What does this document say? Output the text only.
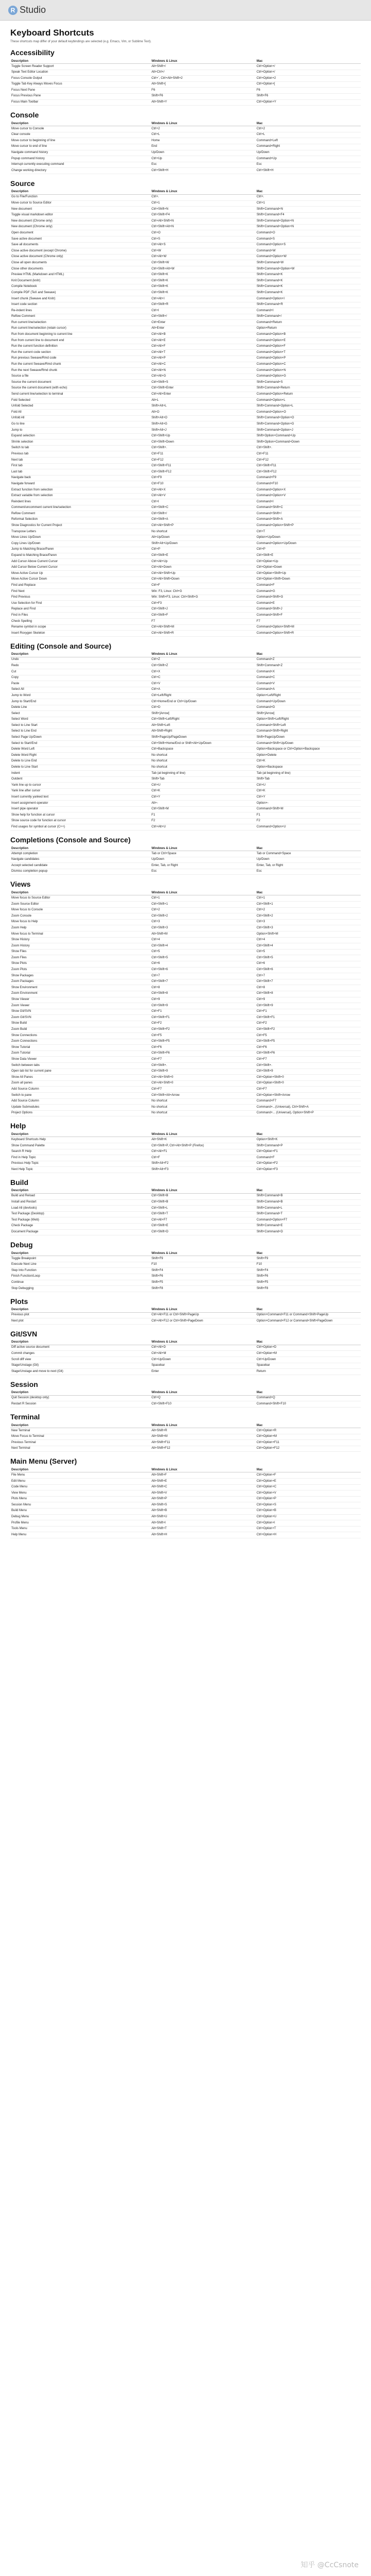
R Studio
Keyboard Shortcuts

These shortcuts map differ of your default keybindings are selected (e.g. Emacs, Vim, or Sublime Text).

Accessibility
Description	Windows & Linux	Mac
Toggle Screen Reader Support	Alt+Shift+/	Ctrl+Option+/
Speak Text Editor Location	Alt+Ctrl+/	Ctrl+Option+/
Focus Console Output	Ctrl+`, Ctrl+Alt+Shift+2	Ctrl+Option+2
Toggle Tab Key Always Moves Focus	Alt+Shift+[	Ctrl+Option+[
Focus Next Pane	F6	F6
Focus Previous Pane	Shift+F6	Shift+F6
Focus Main Toolbar	Alt+Shift+Y	Ctrl+Option+Y
Console
Description	Windows & Linux	Mac
Move cursor to Console	Ctrl+2	Ctrl+2
Clear console	Ctrl+L	Ctrl+L
Move cursor to beginning of line	Home	Command+Left
Move cursor to end of line	End	Command+Right
Navigate command history	Up/Down	Up/Down
Popup command history	Ctrl+Up	Command+Up
Interrupt currently executing command	Esc	Esc
Change working directory	Ctrl+Shift+H	Ctrl+Shift+H
Source
Description	Windows & Linux	Mac
Go to File/Function	Ctrl+.	Ctrl+.
Move cursor to Source Editor	Ctrl+1	Ctrl+1
New document	Ctrl+Shift+N	Shift+Command+N
Toggle visual markdown editor	Ctrl+Shift+F4	Shift+Command+F4
New document (Chrome only)	Ctrl+Alt+Shift+N	Shift+Command+Option+N
New document (Chrome only)	Ctrl+Shift+Alt+N	Shift+Command+Option+N
Open document	Ctrl+O	Command+O
Save active document	Ctrl+S	Command+S
Save all documents	Ctrl+Alt+S	Command+Option+S
Close active document (except Chrome)	Ctrl+W	Command+W
Close active document (Chrome only)	Ctrl+Alt+W	Command+Option+W
Close all open documents	Ctrl+Shift+W	Shift+Command+W
Close other documents	Ctrl+Shift+Alt+W	Shift+Command+Option+W
Preview HTML (Markdown and HTML)	Ctrl+Shift+K	Shift+Command+K
Knit Document (knitr)	Ctrl+Shift+K	Shift+Command+K
Compile Notebook	Ctrl+Shift+K	Shift+Command+K
Compile PDF (TeX and Sweave)	Ctrl+Shift+K	Shift+Command+K
Insert chunk (Sweave and Knitr)	Ctrl+Alt+I	Command+Option+I
Insert code section	Ctrl+Shift+R	Shift+Command+R
Re-indent lines	Ctrl+I	Command+I
Reflow Comment	Ctrl+Shift+/	Shift+Command+/
Run current line/selection	Ctrl+Enter	Command+Return
Run current line/selection (retain cursor)	Alt+Enter	Option+Return
Run from document beginning to current line	Ctrl+Alt+B	Command+Option+B
Run from current line to document end	Ctrl+Alt+E	Command+Option+E
Run the current function definition	Ctrl+Alt+F	Command+Option+F
Run the current code section	Ctrl+Alt+T	Command+Option+T
Run previous Sweave/Rmd code	Ctrl+Alt+P	Command+Option+P
Run the current Sweave/Rmd chunk	Ctrl+Alt+C	Command+Option+C
Run the next Sweave/Rmd chunk	Ctrl+Alt+N	Command+Option+N
Source a file	Ctrl+Alt+G	Command+Option+G
Source the current document	Ctrl+Shift+S	Shift+Command+S
Source the current document (with echo)	Ctrl+Shift+Enter	Shift+Command+Return
Send current line/selection to terminal	Ctrl+Alt+Enter	Command+Option+Return
Fold Selected	Alt+L	Command+Option+L
Unfold Selected	Shift+Alt+L	Shift+Command+Option+L
Fold All	Alt+O	Command+Option+O
Unfold All	Shift+Alt+O	Shift+Command+Option+O
Go to line	Shift+Alt+G	Shift+Command+Option+G
Jump to	Shift+Alt+J	Shift+Command+Option+J
Expand selection	Ctrl+Shift+Up	Shift+Option+Command+Up
Shrink selection	Ctrl+Shift+Down	Shift+Option+Command+Down
Switch to tab	Ctrl+Shift+.	Ctrl+Shift+.
Previous tab	Ctrl+F11	Ctrl+F11
Next tab	Ctrl+F12	Ctrl+F12
First tab	Ctrl+Shift+F11	Ctrl+Shift+F11
Last tab	Ctrl+Shift+F12	Ctrl+Shift+F12
Navigate back	Ctrl+F9	Command+F9
Navigate forward	Ctrl+F10	Command+F10
Extract function from selection	Ctrl+Alt+X	Command+Option+X
Extract variable from selection	Ctrl+Alt+V	Command+Option+V
Reindent lines	Ctrl+I	Command+I
Comment/uncomment current line/selection	Ctrl+Shift+C	Command+Shift+C
Reflow Comment	Ctrl+Shift+/	Command+Shift+/
Reformat Selection	Ctrl+Shift+A	Command+Shift+A
Show Diagnostics for Current Project	Ctrl+Alt+Shift+P	Command+Option+Shift+P
Transpose Letters	No shortcut	Ctrl+T
Move Lines Up/Down	Alt+Up/Down	Option+Up/Down
Copy Lines Up/Down	Shift+Alt+Up/Down	Command+Option+Up/Down
Jump to Matching Brace/Paren	Ctrl+P	Ctrl+P
Expand to Matching Brace/Paren	Ctrl+Shift+E	Ctrl+Shift+E
Add Cursor Above Current Cursor	Ctrl+Alt+Up	Ctrl+Option+Up
Add Cursor Below Current Cursor	Ctrl+Alt+Down	Ctrl+Option+Down
Move Active Cursor Up	Ctrl+Alt+Shift+Up	Ctrl+Option+Shift+Up
Move Active Cursor Down	Ctrl+Alt+Shift+Down	Ctrl+Option+Shift+Down
Find and Replace	Ctrl+F	Command+F
Find Next	Win: F3, Linux: Ctrl+G	Command+G
Find Previous	Win: Shift+F3, Linux: Ctrl+Shift+G	Command+Shift+G
Use Selection for Find	Ctrl+F3	Command+E
Replace and Find	Ctrl+Shift+J	Command+Shift+J
Find in Files	Ctrl+Shift+F	Command+Shift+F
Check Spelling	F7	F7
Rename symbol in scope	Ctrl+Alt+Shift+M	Command+Option+Shift+M
Insert Roxygen Skeleton	Ctrl+Alt+Shift+R	Command+Option+Shift+R
Editing (Console and Source)
Description	Windows & Linux	Mac
Undo	Ctrl+Z	Command+Z
Redo	Ctrl+Shift+Z	Shift+Command+Z
Cut	Ctrl+X	Command+X
Copy	Ctrl+C	Command+C
Paste	Ctrl+V	Command+V
Select All	Ctrl+A	Command+A
Jump to Word	Ctrl+Left/Right	Option+Left/Right
Jump to Start/End	Ctrl+Home/End or Ctrl+Up/Down	Command+Up/Down
Delete Line	Ctrl+D	Command+D
Select	Shift+[Arrow]	Shift+[Arrow]
Select Word	Ctrl+Shift+Left/Right	Option+Shift+Left/Right
Select to Line Start	Alt+Shift+Left	Command+Shift+Left
Select to Line End	Alt+Shift+Right	Command+Shift+Right
Select Page Up/Down	Shift+PageUp/PageDown	Shift+PageUp/Down
Select to Start/End	Ctrl+Shift+Home/End or Shift+Alt+Up/Down	Command+Shift+Up/Down
Delete Word Left	Ctrl+Backspace	Option+Backspace or Ctrl+Option+Backspace
Delete Word Right	No shortcut	Option+Delete
Delete to Line End	No shortcut	Ctrl+K
Delete to Line Start	No shortcut	Option+Backspace
Indent	Tab (at beginning of line)	Tab (at beginning of line)
Outdent	Shift+Tab	Shift+Tab
Yank line up to cursor	Ctrl+U	Ctrl+U
Yank line after cursor	Ctrl+K	Ctrl+K
Insert currently yanked text	Ctrl+Y	Ctrl+Y
Insert assignment operator	Alt+-	Option+-
Insert pipe operator	Ctrl+Shift+M	Command+Shift+M
Show help for function at cursor	F1	F1
Show source code for function at cursor	F2	F2
Find usages for symbol at cursor (C++)	Ctrl+Alt+U	Command+Option+U
Completions (Console and Source)
Description	Windows & Linux	Mac
Attempt completion	Tab or Ctrl+Space	Tab or Command+Space
Navigate candidates	Up/Down	Up/Down
Accept selected candidate	Enter, Tab, or Right	Enter, Tab, or Right
Dismiss completion popup	Esc	Esc
Views
Description	Windows & Linux	Mac
Move focus to Source Editor	Ctrl+1	Ctrl+1
Zoom Source Editor	Ctrl+Shift+1	Ctrl+Shift+1
Move focus to Console	Ctrl+2	Ctrl+2
Zoom Console	Ctrl+Shift+2	Ctrl+Shift+2
Move focus to Help	Ctrl+3	Ctrl+3
Zoom Help	Ctrl+Shift+3	Ctrl+Shift+3
Move focus to Terminal	Alt+Shift+M	Option+Shift+M
Show History	Ctrl+4	Ctrl+4
Zoom History	Ctrl+Shift+4	Ctrl+Shift+4
Show Files	Ctrl+5	Ctrl+5
Zoom Files	Ctrl+Shift+5	Ctrl+Shift+5
Show Plots	Ctrl+6	Ctrl+6
Zoom Plots	Ctrl+Shift+6	Ctrl+Shift+6
Show Packages	Ctrl+7	Ctrl+7
Zoom Packages	Ctrl+Shift+7	Ctrl+Shift+7
Show Environment	Ctrl+8	Ctrl+8
Zoom Environment	Ctrl+Shift+8	Ctrl+Shift+8
Show Viewer	Ctrl+9	Ctrl+9
Zoom Viewer	Ctrl+Shift+9	Ctrl+Shift+9
Show Git/SVN	Ctrl+F1	Ctrl+F1
Zoom Git/SVN	Ctrl+Shift+F1	Ctrl+Shift+F1
Show Build	Ctrl+F2	Ctrl+F2
Zoom Build	Ctrl+Shift+F2	Ctrl+Shift+F2
Show Connections	Ctrl+F5	Ctrl+F5
Zoom Connections	Ctrl+Shift+F5	Ctrl+Shift+F5
Show Tutorial	Ctrl+F6	Ctrl+F6
Zoom Tutorial	Ctrl+Shift+F6	Ctrl+Shift+F6
Show Data Viewer	Ctrl+F7	Ctrl+F7
Switch between tabs	Ctrl+Shift+.	Ctrl+Shift+.
Open tab list for current pane	Ctrl+Shift+9	Ctrl+Shift+9
Show All Panes	Ctrl+Alt+Shift+0	Ctrl+Option+Shift+0
Zoom all panes	Ctrl+Alt+Shift+0	Ctrl+Option+Shift+0
Add Source Column	Ctrl+F7	Ctrl+F7
Switch to pane	Ctrl+Shift+Alt+Arrow	Ctrl+Option+Shift+Arrow
Add Source Column	No shortcut	Command+F7
Update Submodules	No shortcut	Command+...(Universal), Ctrl+Shift+A
Project Options	No shortcut	Command+... (Universal), Option+Shift+P
Help
Description	Windows & Linux	Mac
Keyboard Shortcuts Help	Alt+Shift+K	Option+Shift+K
Show Command Palette	Ctrl+Shift+P, Ctrl+Alt+Shift+P (Firefox)	Shift+Command+P
Search R Help	Ctrl+Alt+F1	Ctrl+Option+F1
Find in Help Topic	Ctrl+F	Command+F
Previous Help Topic	Shift+Alt+F2	Ctrl+Option+F2
Next Help Topic	Shift+Alt+F3	Ctrl+Option+F3
Build
Description	Windows & Linux	Mac
Build and Reload	Ctrl+Shift+B	Shift+Command+B
Install and Restart	Ctrl+Shift+B	Shift+Command+B
Load All (devtools)	Ctrl+Shift+L	Shift+Command+L
Test Package (Desktop)	Ctrl+Shift+T	Shift+Command+T
Test Package (Web)	Ctrl+Alt+F7	Command+Option+F7
Check Package	Ctrl+Shift+E	Shift+Command+E
Document Package	Ctrl+Shift+D	Shift+Command+D
Debug
Description	Windows & Linux	Mac
Toggle Breakpoint	Shift+F9	Shift+F9
Execute Next Line	F10	F10
Step Into Function	Shift+F4	Shift+F4
Finish Function/Loop	Shift+F6	Shift+F6
Continue	Shift+F5	Shift+F5
Stop Debugging	Shift+F8	Shift+F8
Plots
Description	Windows & Linux	Mac
Previous plot	Ctrl+Alt+F11 or Ctrl+Shift+PageUp	Option+Command+F11 or Command+Shift+PageUp
Next plot	Ctrl+Alt+F12 or Ctrl+Shift+PageDown	Option+Command+F12 or Command+Shift+PageDown
Git/SVN
Description	Windows & Linux	Mac
Diff active source document	Ctrl+Alt+D	Ctrl+Option+D
Commit changes	Ctrl+Alt+M	Ctrl+Option+M
Scroll diff view	Ctrl+Up/Down	Ctrl+Up/Down
Stage/Unstage (Git)	Spacebar	Spacebar
Stage/Unstage and move to next (Git)	Enter	Return
Session
Description	Windows & Linux	Mac
Quit Session (desktop only)	Ctrl+Q	Command+Q
Restart R Session	Ctrl+Shift+F10	Command+Shift+F10
Terminal
Description	Windows & Linux	Mac
New Terminal	Alt+Shift+R	Ctrl+Option+R
Move Focus to Terminal	Alt+Shift+M	Ctrl+Option+M
Previous Terminal	Alt+Shift+F11	Ctrl+Option+F11
Next Terminal	Alt+Shift+F12	Ctrl+Option+F12
Main Menu (Server)
Description	Windows & Linux	Mac
File Menu	Alt+Shift+F	Ctrl+Option+F
Edit Menu	Alt+Shift+E	Ctrl+Option+E
Code Menu	Alt+Shift+C	Ctrl+Option+C
View Menu	Alt+Shift+V	Ctrl+Option+V
Plots Menu	Alt+Shift+P	Ctrl+Option+P
Session Menu	Alt+Shift+S	Ctrl+Option+S
Build Menu	Alt+Shift+B	Ctrl+Option+B
Debug Menu	Alt+Shift+U	Ctrl+Option+U
Profile Menu	Alt+Shift+I	Ctrl+Option+I
Tools Menu	Alt+Shift+T	Ctrl+Option+T
Help Menu	Alt+Shift+H	Ctrl+Option+H
知乎 @CcCsnote
